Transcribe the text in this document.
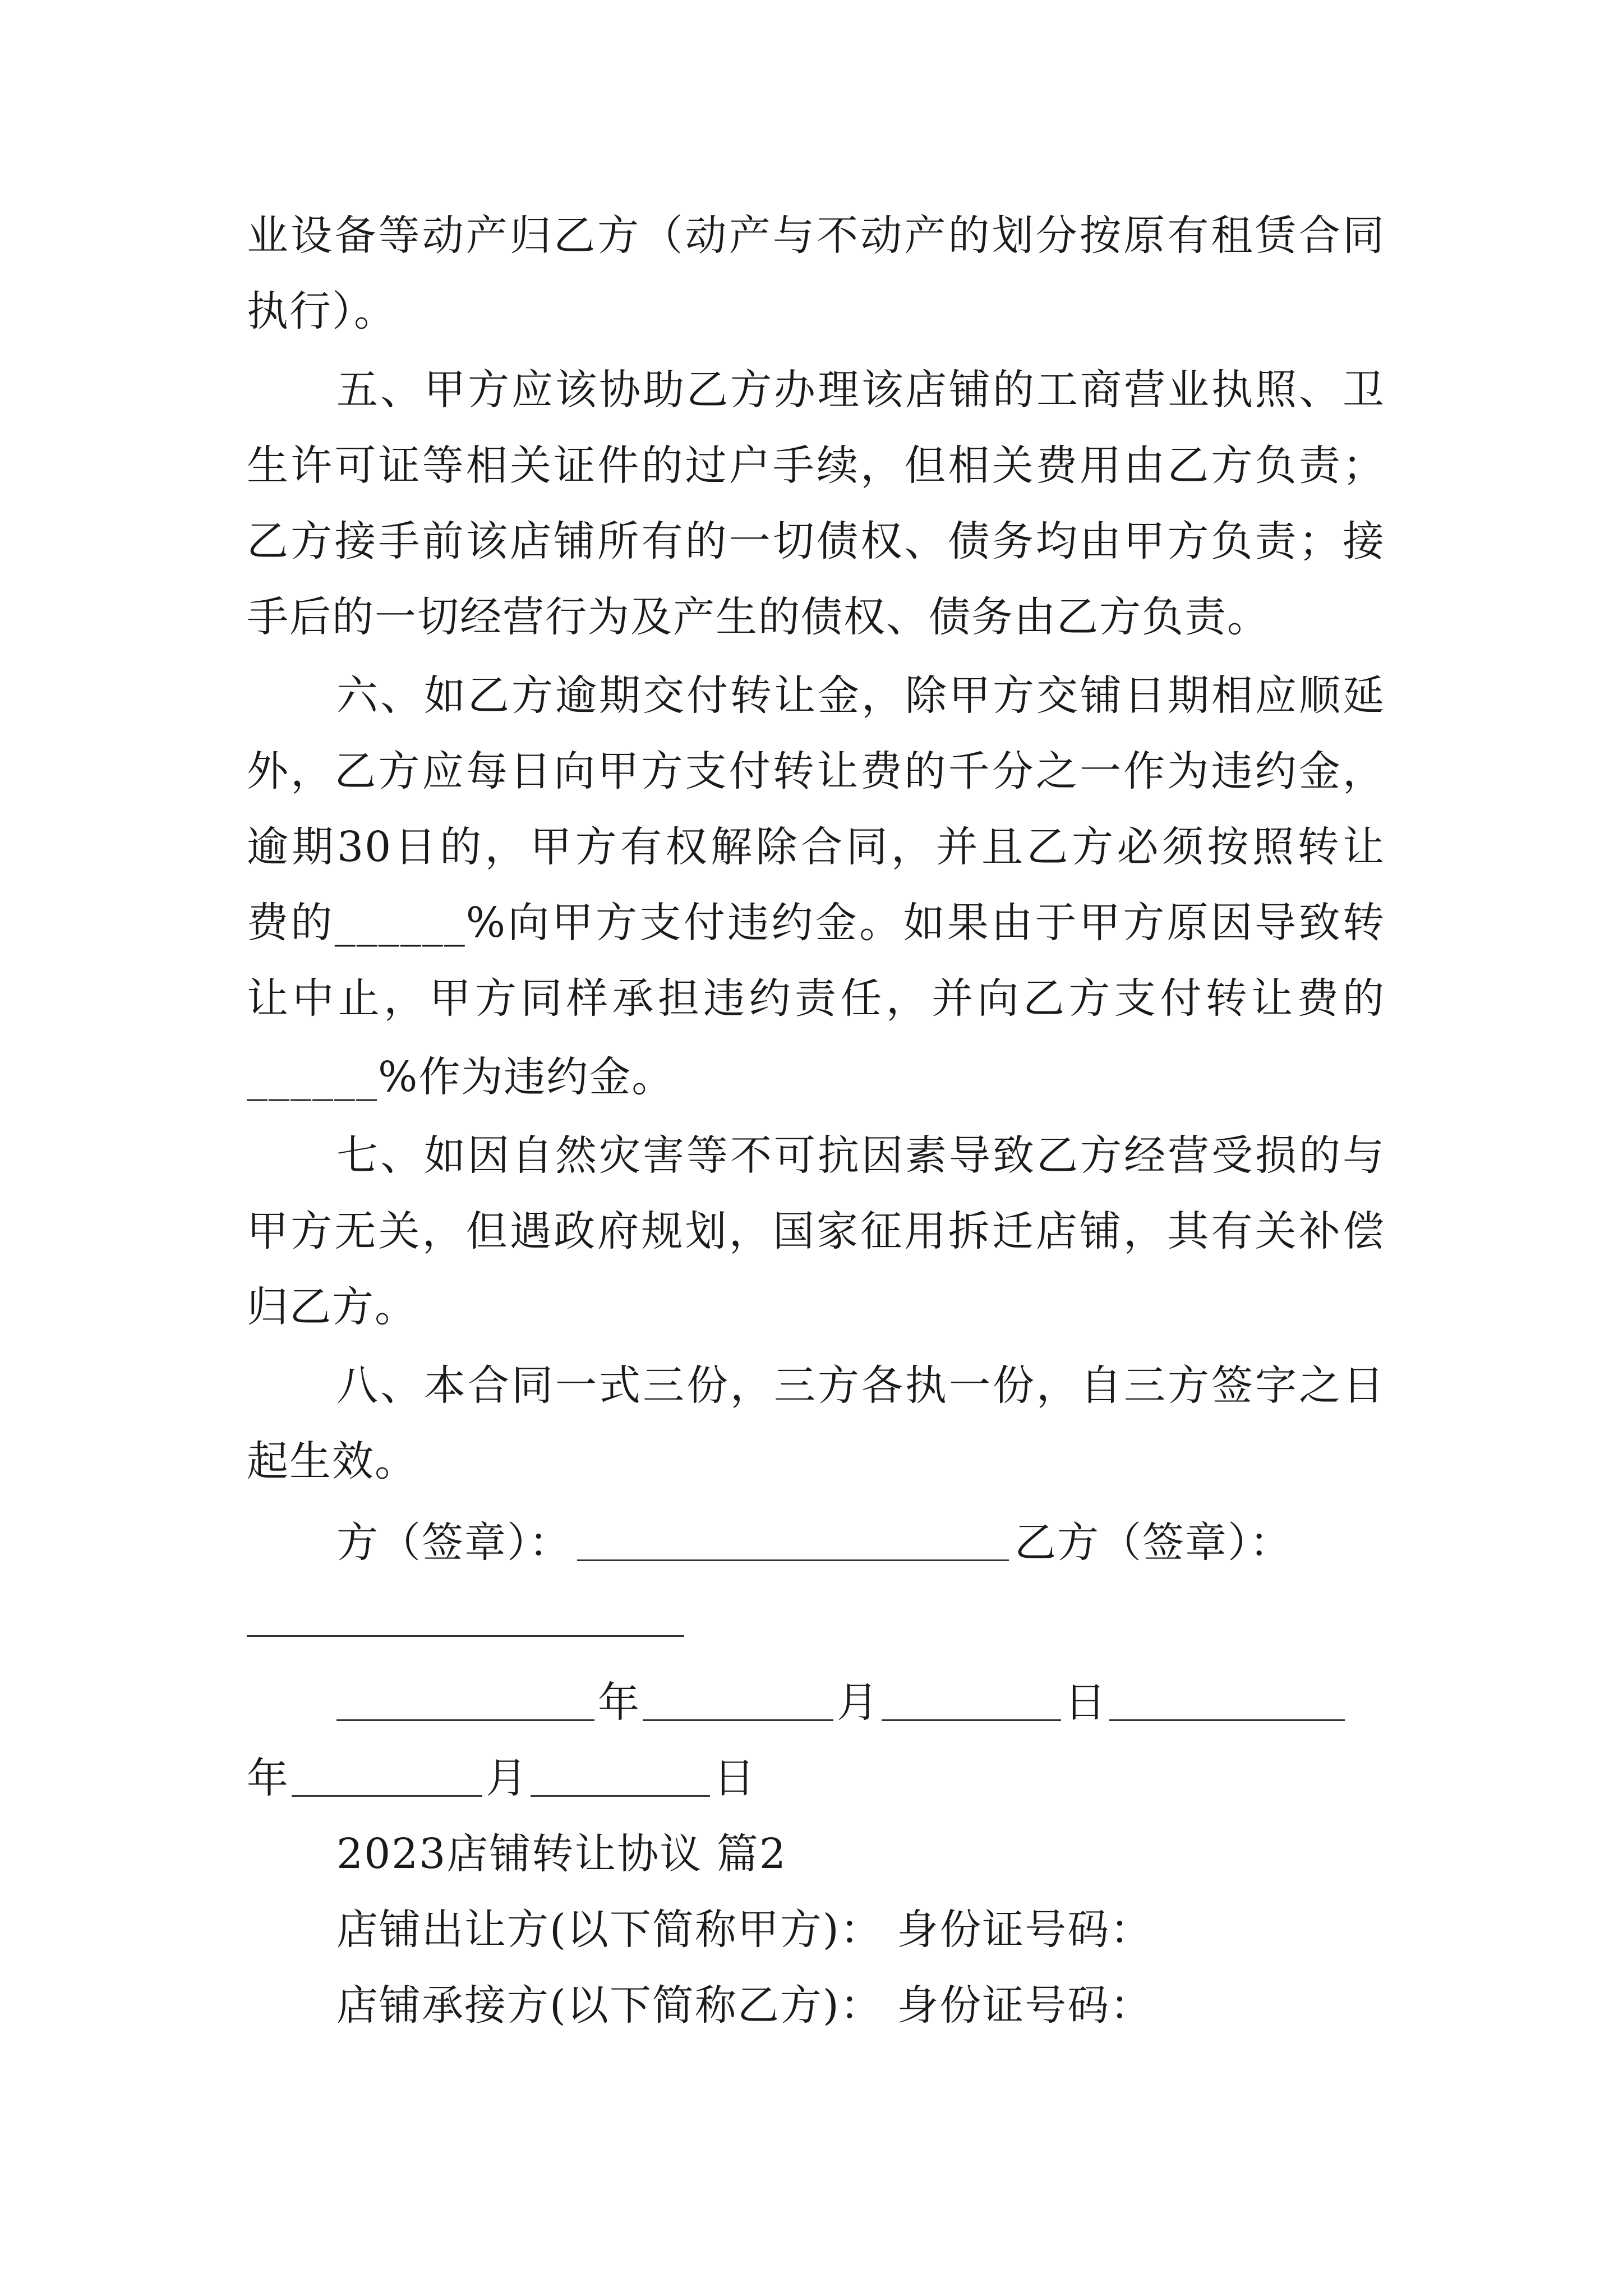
业设备等动产归乙方（动产与不动产的划分按原有租赁合同
执行）。
五、甲方应该协助乙方办理该店铺的工商营业执照、卫
生许可证等相关证件的过户手续，但相关费用由乙方负责；
乙方接手前该店铺所有的一切债权、债务均由甲方负责；接
手后的一切经营行为及产生的债权、债务由乙方负责。
六、如乙方逾期交付转让金，除甲方交铺日期相应顺延
外，乙方应每日向甲方支付转让费的千分之一作为违约金，
逾期30日的，甲方有权解除合同，并且乙方必须按照转让
费的______%向甲方支付违约金。如果由于甲方原因导致转
让中止，甲方同样承担违约责任，并向乙方支付转让费的
______%作为违约金。
七、如因自然灾害等不可抗因素导致乙方经营受损的与
甲方无关，但遇政府规划，国家征用拆迁店铺，其有关补偿
归乙方。
八、本合同一式三份，三方各执一份，自三方签字之日
起生效。
方（签章）：	乙方（签章）：
年	月	日
年	月	日
2023店铺转让协议 篇2
店铺出让方(以下简称甲方)： 身份证号码：
店铺承接方(以下简称乙方)： 身份证号码：
